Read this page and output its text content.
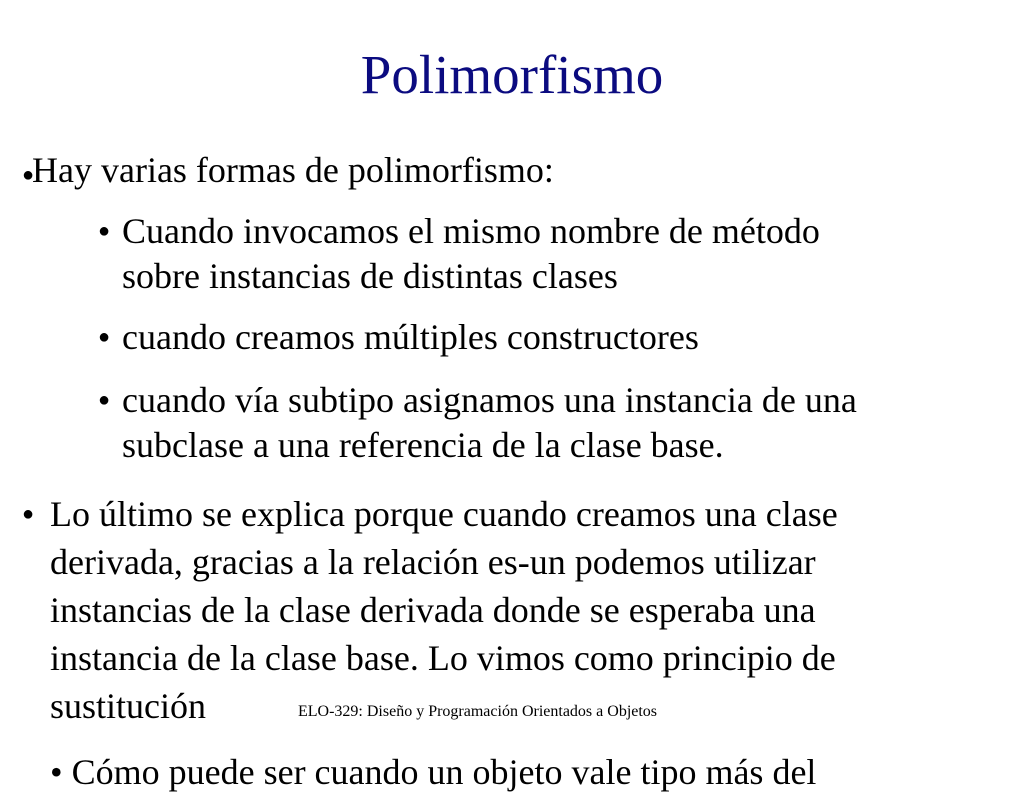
Polimorfismo
●Hay varias formas de polimorfismo:
● Cuando invocamos el mismo nombre de método
sobre instancias de distintas clases
● cuando creamos múltiples constructores
● cuando vía subtipo asignamos una instancia de una
subclase a una referencia de la clase base.
● Lo último se explica porque cuando creamos una clase
derivada, gracias a la relación es-un podemos utilizar
instancias de la clase derivada donde se esperaba una
instancia de la clase base. Lo vimos como principio de
sustitución	ELO-329: Diseño y Programación Orientados a Objetos
• Cómo puede ser cuando un objeto vale tipo más del
